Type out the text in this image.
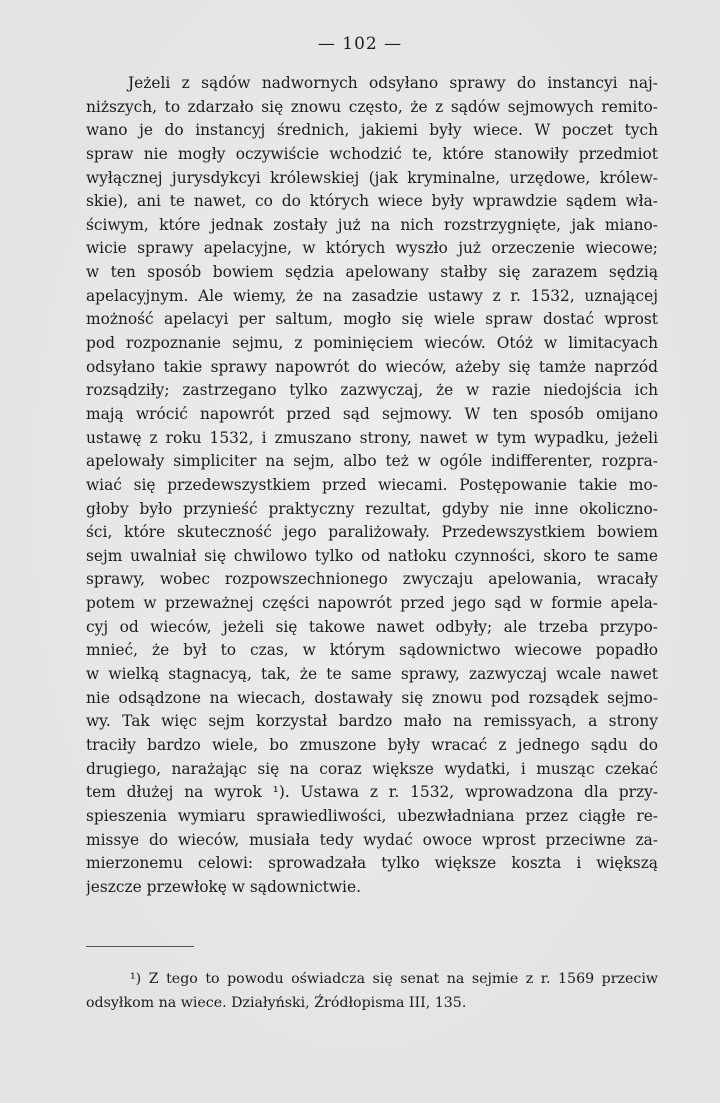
— 102 —
Jeżeli z sądów nadwornych odsyłano sprawy do instancyi naj-
niższych, to zdarzało się znowu często, że z sądów sejmowych remito-
wano je do instancyj średnich, jakiemi były wiece. W poczet tych
spraw nie mogły oczywiście wchodzić te, które stanowiły przedmiot
wyłącznej jurysdykcyi królewskiej (jak kryminalne, urzędowe, królew-
skie), ani te nawet, co do których wiece były wprawdzie sądem wła-
ściwym, które jednak zostały już na nich rozstrzygnięte, jak miano-
wicie sprawy apelacyjne, w których wyszło już orzeczenie wiecowe;
w ten sposób bowiem sędzia apelowany stałby się zarazem sędzią
apelacyjnym. Ale wiemy, że na zasadzie ustawy z r. 1532, uznającej
możność apelacyi per saltum, mogło się wiele spraw dostać wprost
pod rozpoznanie sejmu, z pominięciem wieców. Otóż w limitacyach
odsyłano takie sprawy napowrót do wieców, ażeby się tamże naprzód
rozsądziły; zastrzegano tylko zazwyczaj, że w razie niedojścia ich
mają wrócić napowrót przed sąd sejmowy. W ten sposób omijano
ustawę z roku 1532, i zmuszano strony, nawet w tym wypadku, jeżeli
apelowały simpliciter na sejm, albo też w ogóle indifferenter, rozpra-
wiać się przedewszystkiem przed wiecami. Postępowanie takie mo-
głoby było przynieść praktyczny rezultat, gdyby nie inne okoliczno-
ści, które skuteczność jego paraliżowały. Przedewszystkiem bowiem
sejm uwalniał się chwilowo tylko od natłoku czynności, skoro te same
sprawy, wobec rozpowszechnionego zwyczaju apelowania, wracały
potem w przeważnej części napowrót przed jego sąd w formie apela-
cyj od wieców, jeżeli się takowe nawet odbyły; ale trzeba przypo-
mnieć, że był to czas, w którym sądownictwo wiecowe popadło
w wielką stagnacyą, tak, że te same sprawy, zazwyczaj wcale nawet
nie odsądzone na wiecach, dostawały się znowu pod rozsądek sejmo-
wy. Tak więc sejm korzystał bardzo mało na remissyach, a strony
traciły bardzo wiele, bo zmuszone były wracać z jednego sądu do
drugiego, narażając się na coraz większe wydatki, i musząc czekać
tem dłużej na wyrok ¹). Ustawa z r. 1532, wprowadzona dla przy-
spieszenia wymiaru sprawiedliwości, ubezwładniana przez ciągłe re-
missye do wieców, musiała tedy wydać owoce wprost przeciwne za-
mierzonemu celowi: sprowadzała tylko większe koszta i większą
jeszcze przewłokę w sądownictwie.
¹) Z tego to powodu oświadcza się senat na sejmie z r. 1569 przeciw
odsyłkom na wiece. Działyński, Źródłopisma III, 135.
